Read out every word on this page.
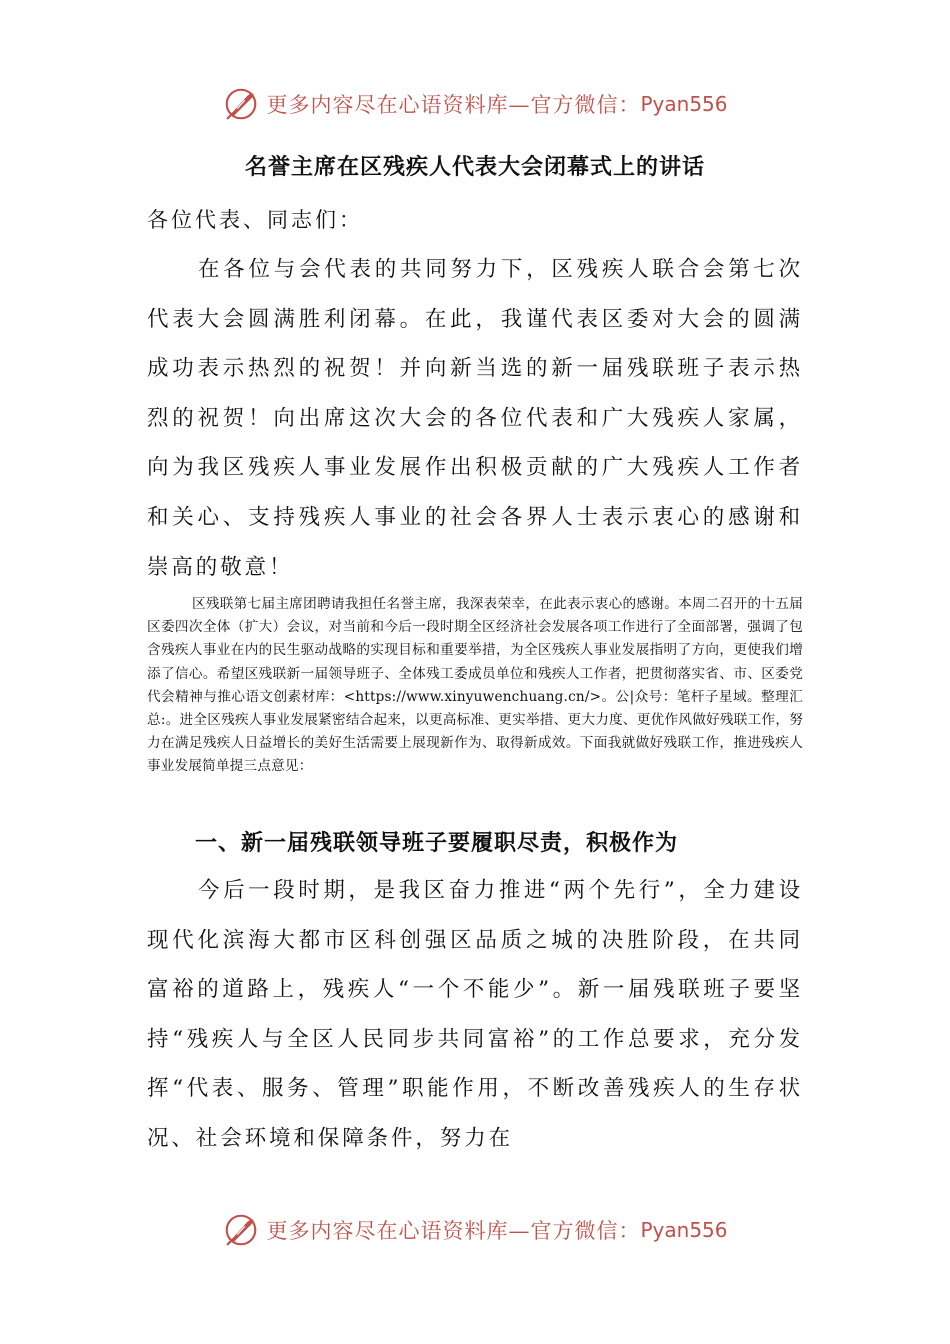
更多内容尽在心语资料库—官方微信： Pyan556
名誉主席在区残疾人代表大会闭幕式上的讲话
各位代表、同志们：

在各位与会代表的共同努力下，区残疾人联合会第七次代表大会圆满胜利闭幕。在此，我谨代表区委对大会的圆满成功表示热烈的祝贺！并向新当选的新一届残联班子表示热烈的祝贺！向出席这次大会的各位代表和广大残疾人家属，向为我区残疾人事业发展作出积极贡献的广大残疾人工作者和关心、支持残疾人事业的社会各界人士表示衷心的感谢和崇高的敬意！

区残联第七届主席团聘请我担任名誉主席，我深表荣幸，在此表示衷心的感谢。本周二召开的十五届区委四次全体（扩大）会议，对当前和今后一段时期全区经济社会发展各项工作进行了全面部署，强调了包含残疾人事业在内的民生驱动战略的实现目标和重要举措，为全区残疾人事业发展指明了方向，更使我们增添了信心。希望区残联新一届领导班子、全体残工委成员单位和残疾人工作者，把贯彻落实省、市、区委党代会精神与推心语文创素材库：<https://www.xinyuwenchuang.cn/>。公|众号：笔杆子星域。整理汇总:。进全区残疾人事业发展紧密结合起来，以更高标准、更实举措、更大力度、更优作风做好残联工作，努力在满足残疾人日益增长的美好生活需要上展现新作为、取得新成效。下面我就做好残联工作，推进残疾人事业发展简单提三点意见：

一、新一届残联领导班子要履职尽责，积极作为

今后一段时期，是我区奋力推进“两个先行”，全力建设现代化滨海大都市区科创强区品质之城的决胜阶段，在共同富裕的道路上，残疾人“一个不能少”。新一届残联班子要坚持“残疾人与全区人民同步共同富裕”的工作总要求，充分发挥“代表、服务、管理”职能作用，不断改善残疾人的生存状况、社会环境和保障条件，努力在

更多内容尽在心语资料库—官方微信： Pyan556
